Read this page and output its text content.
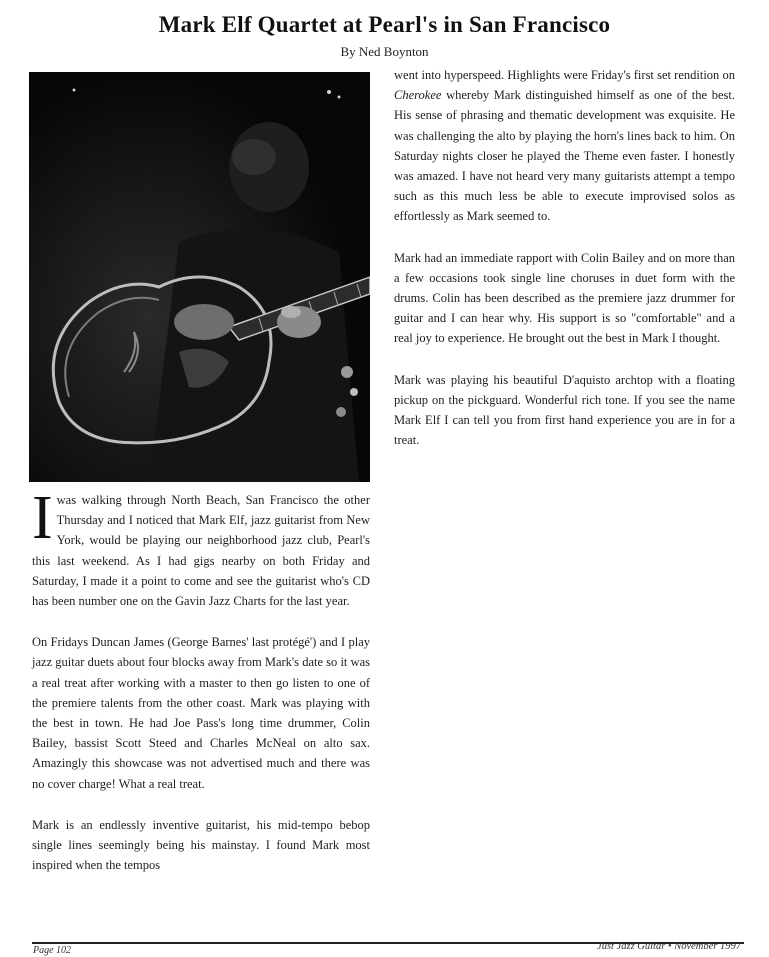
Mark Elf Quartet at Pearl's in San Francisco
By Ned Boynton

Iwas walking through North Beach, San Francisco the other Thursday and I noticed that Mark Elf, jazz guitarist from New York, would be playing our neighborhood jazz club, Pearl's this last weekend. As I had gigs nearby on both Friday and Saturday, I made it a point to come and see the guitarist who's CD has been number one on the Gavin Jazz Charts for the last year.

On Fridays Duncan James (George Barnes' last protégé') and I play jazz guitar duets about four blocks away from Mark's date so it was a real treat after working with a master to then go listen to one of the premiere talents from the other coast. Mark was playing with the best in town. He had Joe Pass's long time drummer, Colin Bailey, bassist Scott Steed and Charles McNeal on alto sax. Amazingly this showcase was not advertised much and there was no cover charge! What a real treat.

Mark is an endlessly inventive guitarist, his mid-tempo bebop single lines seemingly being his mainstay. I found Mark most inspired when the tempos

went into hyperspeed. Highlights were Friday's first set rendition on Cherokee whereby Mark distinguished himself as one of the best. His sense of phrasing and thematic development was exquisite. He was challenging the alto by playing the horn's lines back to him. On Saturday nights closer he played the Theme even faster. I honestly was amazed. I have not heard very many guitarists attempt a tempo such as this much less be able to execute improvised solos as effortlessly as Mark seemed to.

Mark had an immediate rapport with Colin Bailey and on more than a few occasions took single line choruses in duet form with the drums. Colin has been described as the premiere jazz drummer for guitar and I can hear why. His support is so "comfortable" and a real joy to experience. He brought out the best in Mark I thought.

Mark was playing his beautiful D'aquisto archtop with a floating pickup on the pickguard. Wonderful rich tone. If you see the name Mark Elf I can tell you from first hand experience you are in for a treat.

Page 102	Just Jazz Guitar • November 1997
